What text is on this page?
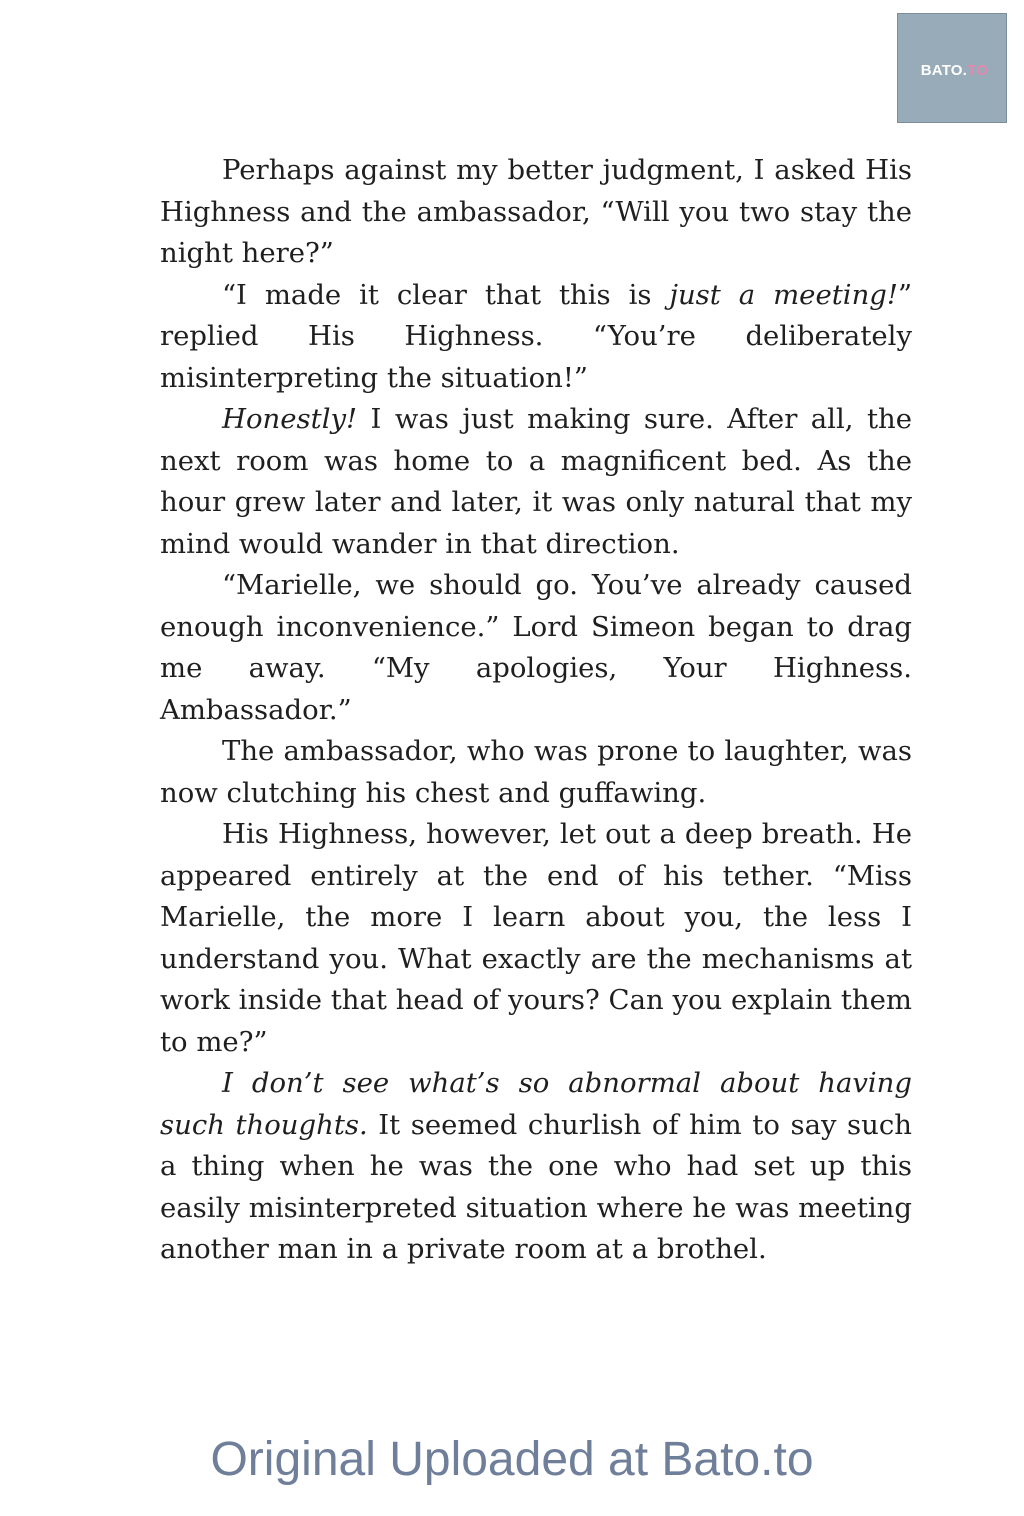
BATO.TO

Perhaps against my better judgment, I asked His Highness and the ambassador, “Will you two stay the night here?”

“I made it clear that this is just a meeting!” replied His Highness. “You’re deliberately misinterpreting the situation!”

Honestly! I was just making sure. After all, the next room was home to a magnificent bed. As the hour grew later and later, it was only natural that my mind would wander in that direction.

“Marielle, we should go. You’ve already caused enough inconvenience.” Lord Simeon began to drag me away. “My apologies, Your Highness. Ambassador.”

The ambassador, who was prone to laughter, was now clutching his chest and guffawing.

His Highness, however, let out a deep breath. He appeared entirely at the end of his tether. “Miss Marielle, the more I learn about you, the less I understand you. What exactly are the mechanisms at work inside that head of yours? Can you explain them to me?”

I don’t see what’s so abnormal about having such thoughts. It seemed churlish of him to say such a thing when he was the one who had set up this easily misinterpreted situation where he was meeting another man in a private room at a brothel.

Original Uploaded at Bato.to
